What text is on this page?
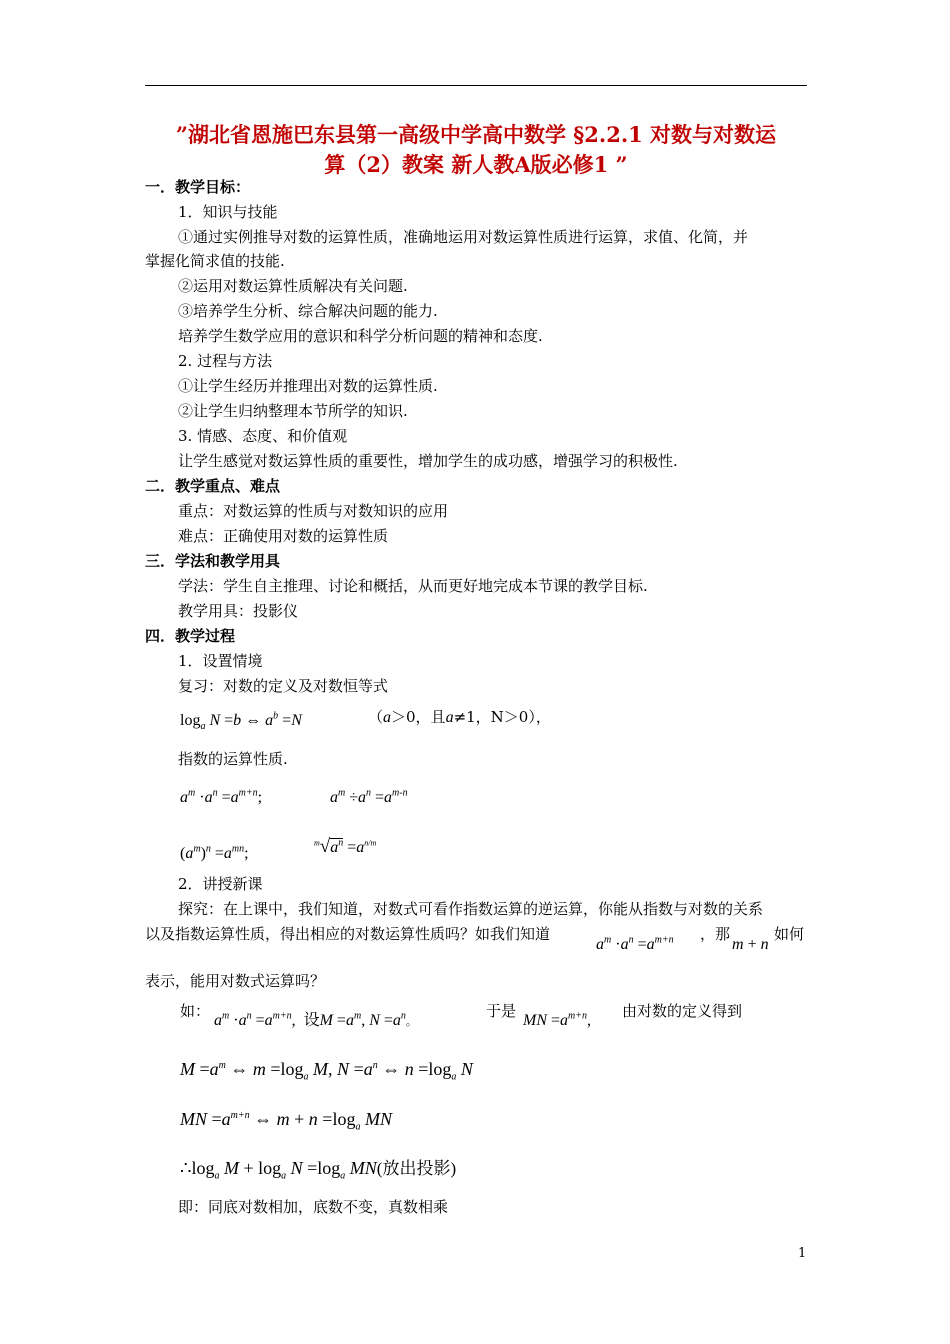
”湖北省恩施巴东县第一高级中学高中数学 §2.2.1 对数与对数运
算（2）教案 新人教A版必修1 ”
一．教学目标：
1．知识与技能
①通过实例推导对数的运算性质，准确地运用对数运算性质进行运算，求值、化简，并
掌握化简求值的技能.
②运用对数运算性质解决有关问题.
③培养学生分析、综合解决问题的能力.
培养学生数学应用的意识和科学分析问题的精神和态度.
2. 过程与方法
①让学生经历并推理出对数的运算性质.
②让学生归纳整理本节所学的知识.
3. 情感、态度、和价值观
让学生感觉对数运算性质的重要性，增加学生的成功感，增强学习的积极性.
二．教学重点、难点
重点：对数运算的性质与对数知识的应用
难点：正确使用对数的运算性质
三．学法和教学用具
学法：学生自主推理、讨论和概括，从而更好地完成本节课的教学目标.
教学用具：投影仪
四．教学过程
1．设置情境
复习：对数的定义及对数恒等式
$\log_a N =b$ ⇔ $a^b =N$	（a＞0，且a≠1，N＞0），
指数的运算性质.
$a^m \cdot a^n =a^{m+n}$;	$a^m \div a^n =a^{m-n}$
$(a^m)^n =a^{mn}$;
$^m√a^n =a^{n/m}$
2．讲授新课
探究：在上课中，我们知道，对数式可看作指数运算的逆运算，你能从指数与对数的关系
以及指数运算性质，得出相应的对数运算性质吗？如我们知道
$a^m \cdot a^n =a^{m+n}$ ，那
m + n
如何
表示，能用对数式运算吗？
如：
$a^m \cdot a^n =a^{m+n}$, 设$M =a^m$, $N =a^n$。
于是
MN $=a^{m+n}$,
由对数的定义得到
$M =a^m$ ⇔ $m =\log_a$ M, $N =a^n$ ⇔ $n =\log_a$ N
MN $=a^{m+n}$ ⇔ $m + n =\log_a$ MN
$\therefore\log_a$ $M + \log_a N =\log_a$ MN(放出投影)
即：同底对数相加，底数不变，真数相乘
1
